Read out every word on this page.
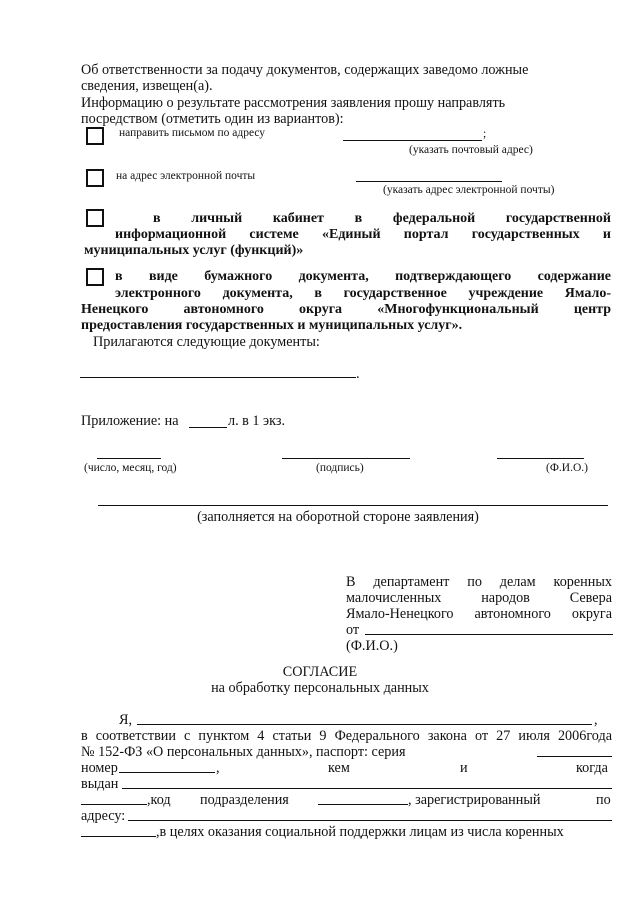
Об ответственности за подачу документов, содержащих заведомо ложные
сведения, извещен(а).
Информацию о результате рассмотрения заявления прошу направлять
посредством (отметить один из вариантов):
направить письмом по адресу	;
(указать почтовый адрес)
на адрес электронной почты
(указать адрес электронной почты)
в личный кабинет в федеральной государственной
информационной системе «Единый портал государственных и
муниципальных услуг (функций)»
в виде бумажного документа, подтверждающего содержание
электронного документа, в государственное учреждение Ямало-
Ненецкого автономного округа «Многофункциональный центр
предоставления государственных и муниципальных услуг».
Прилагаются следующие документы:
.
Приложение: на	л. в 1 экз.
(число, месяц, год)	(подпись)	(Ф.И.О.)
(заполняется на оборотной стороне заявления)
В департамент по делам коренных
малочисленных народов Севера
Ямало-Ненецкого автономного округа
от
(Ф.И.О.)
СОГЛАСИЕ
на обработку персональных данных
Я,	,
в соответствии с пунктом 4 статьи 9 Федерального закона от 27 июля 2006года
№ 152-ФЗ «О персональных данных», паспорт: серия
номер	,	кем	и	когда
выдан
,код подразделения	, зарегистрированный	по
адресу:
,в целях оказания социальной поддержки лицам из числа коренных
